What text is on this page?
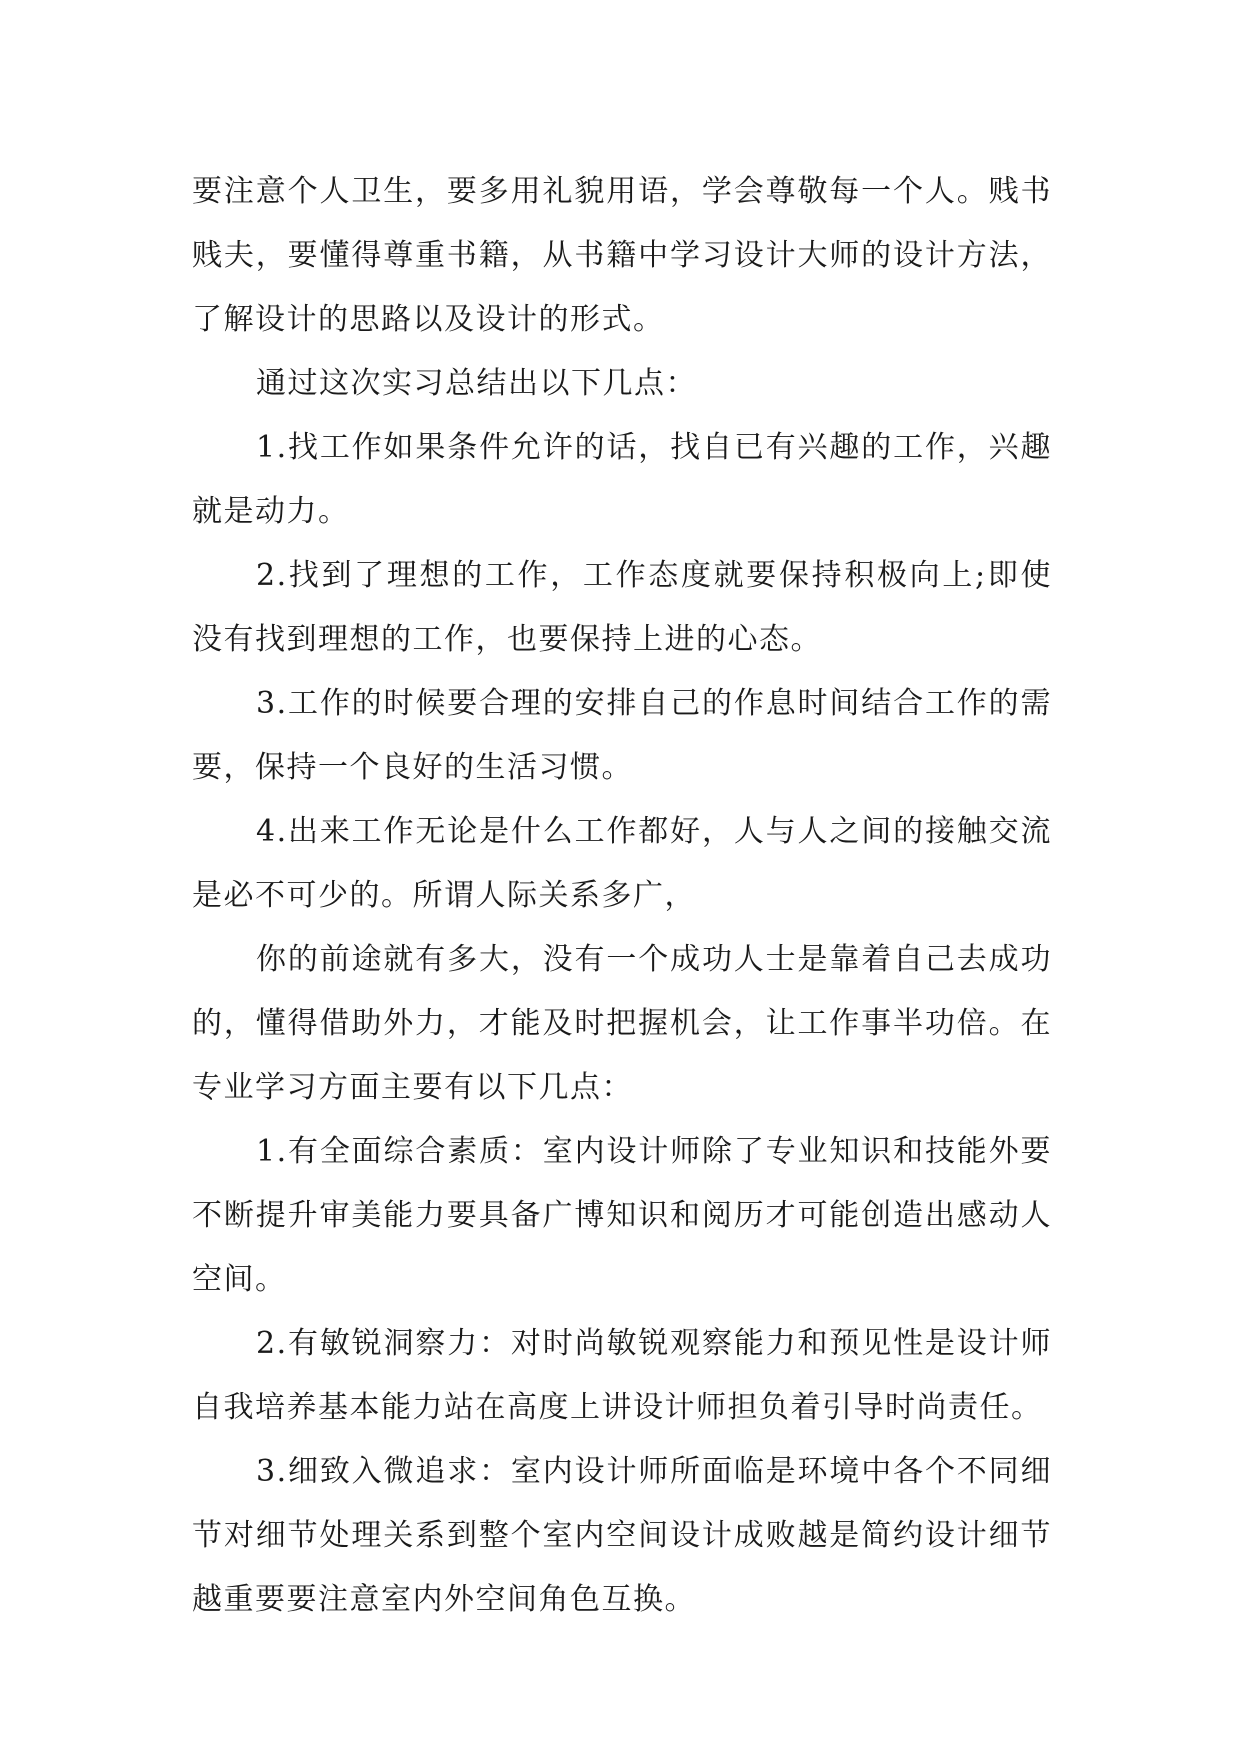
要注意个人卫生，要多用礼貌用语，学会尊敬每一个人。贱书贱夫，要懂得尊重书籍，从书籍中学习设计大师的设计方法，了解设计的思路以及设计的形式。

通过这次实习总结出以下几点：

1.找工作如果条件允许的话，找自已有兴趣的工作，兴趣就是动力。

2.找到了理想的工作，工作态度就要保持积极向上;即使没有找到理想的工作，也要保持上进的心态。

3.工作的时候要合理的安排自己的作息时间结合工作的需要，保持一个良好的生活习惯。

4.出来工作无论是什么工作都好，人与人之间的接触交流是必不可少的。所谓人际关系多广，

你的前途就有多大，没有一个成功人士是靠着自己去成功的，懂得借助外力，才能及时把握机会，让工作事半功倍。在专业学习方面主要有以下几点：

1.有全面综合素质：室内设计师除了专业知识和技能外要不断提升审美能力要具备广博知识和阅历才可能创造出感动人空间。

2.有敏锐洞察力：对时尚敏锐观察能力和预见性是设计师自我培养基本能力站在高度上讲设计师担负着引导时尚责任。

3.细致入微追求：室内设计师所面临是环境中各个不同细节对细节处理关系到整个室内空间设计成败越是简约设计细节越重要要注意室内外空间角色互换。
